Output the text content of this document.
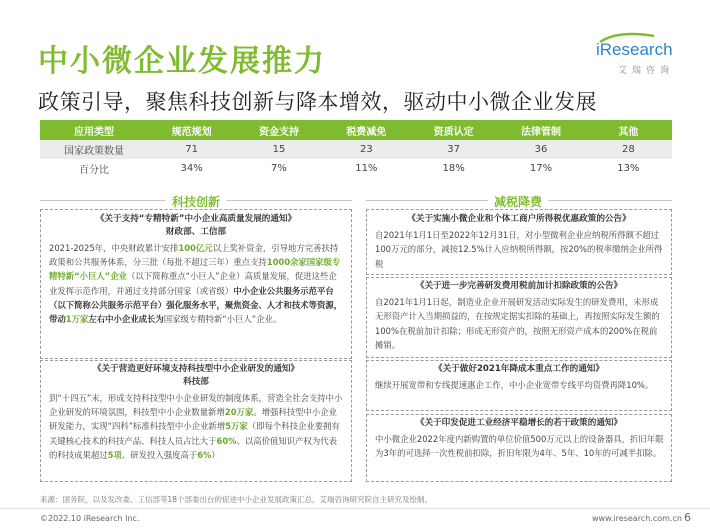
中小微企业发展推力	iResearch
艾瑞咨询
政策引导，聚焦科技创新与降本增效，驱动中小微企业发展
应用类型	规范规划	资金支持	税费减免	资质认定	法律管制	其他
国家政策数量	71	15	23	37	36	28
百分比	34%	7%	11%	18%	17%	13%
科技创新	减税降费
《关于支持“专精特新”中小企业高质量发展的通知》
财政部、工信部
2021-2025年，中央财政累计安排100亿元以上奖补资金，引导地方完善扶持政策和公共服务体系，分三批（每批不超过三年）重点支持1000余家国家级专精特新“小巨人”企业（以下简称重点“小巨人”企业）高质量发展，促进这些企业发挥示范作用，并通过支持部分国家（或省级）中小企业公共服务示范平台（以下简称公共服务示范平台）强化服务水平，聚焦资金、人才和技术等资源，带动1万家左右中小企业成长为国家级专精特新“小巨人”企业。
《关于营造更好环境支持科技型中小企业研发的通知》
科技部
到“十四五”末，形成支持科技型中小企业研发的制度体系，营造全社会支持中小企业研发的环境氛围，科技型中小企业数量新增20万家。增强科技型中小企业研发能力，实现“四科”标准科技型中小企业新增5万家（即每个科技企业要拥有关键核心技术的科技产品、科技人员占比大于60%、以高价值知识产权为代表的科技成果超过5项、研发投入强度高于6%）
《关于实施小微企业和个体工商户所得税优惠政策的公告》
自2021年1月1日至2022年12月31日，对小型微利企业应纳税所得额不超过100万元的部分，减按12.5%计入应纳税所得额，按20%的税率缴纳企业所得税
《关于进一步完善研发费用税前加计扣除政策的公告》
自2021年1月1日起，制造业企业开展研发活动实际发生的研发费用，未形成无形资产计入当期损益的，在按规定据实扣除的基础上，再按照实际发生额的100%在税前加计扣除；形成无形资产的，按照无形资产成本的200%在税前摊销。
《关于做好2021年降成本重点工作的通知》
继续开展宽带和专线提速惠企工作，中小企业宽带专线平均资费再降10%。
《关于印发促进工业经济平稳增长的若干政策的通知》
中小微企业2022年度内新购置的单位价值500万元以上的设备器具，折旧年限为3年的可选择一次性税前扣除，折旧年限为4年、5年、10年的可减半扣除。
来源：国务院，以及发改委、工信部等18个部委出台的促进中小企业发展政策汇总，艾瑞咨询研究院自主研究及绘制。
©2022.10 iResearch Inc.	www.iresearch.com.cn 6
